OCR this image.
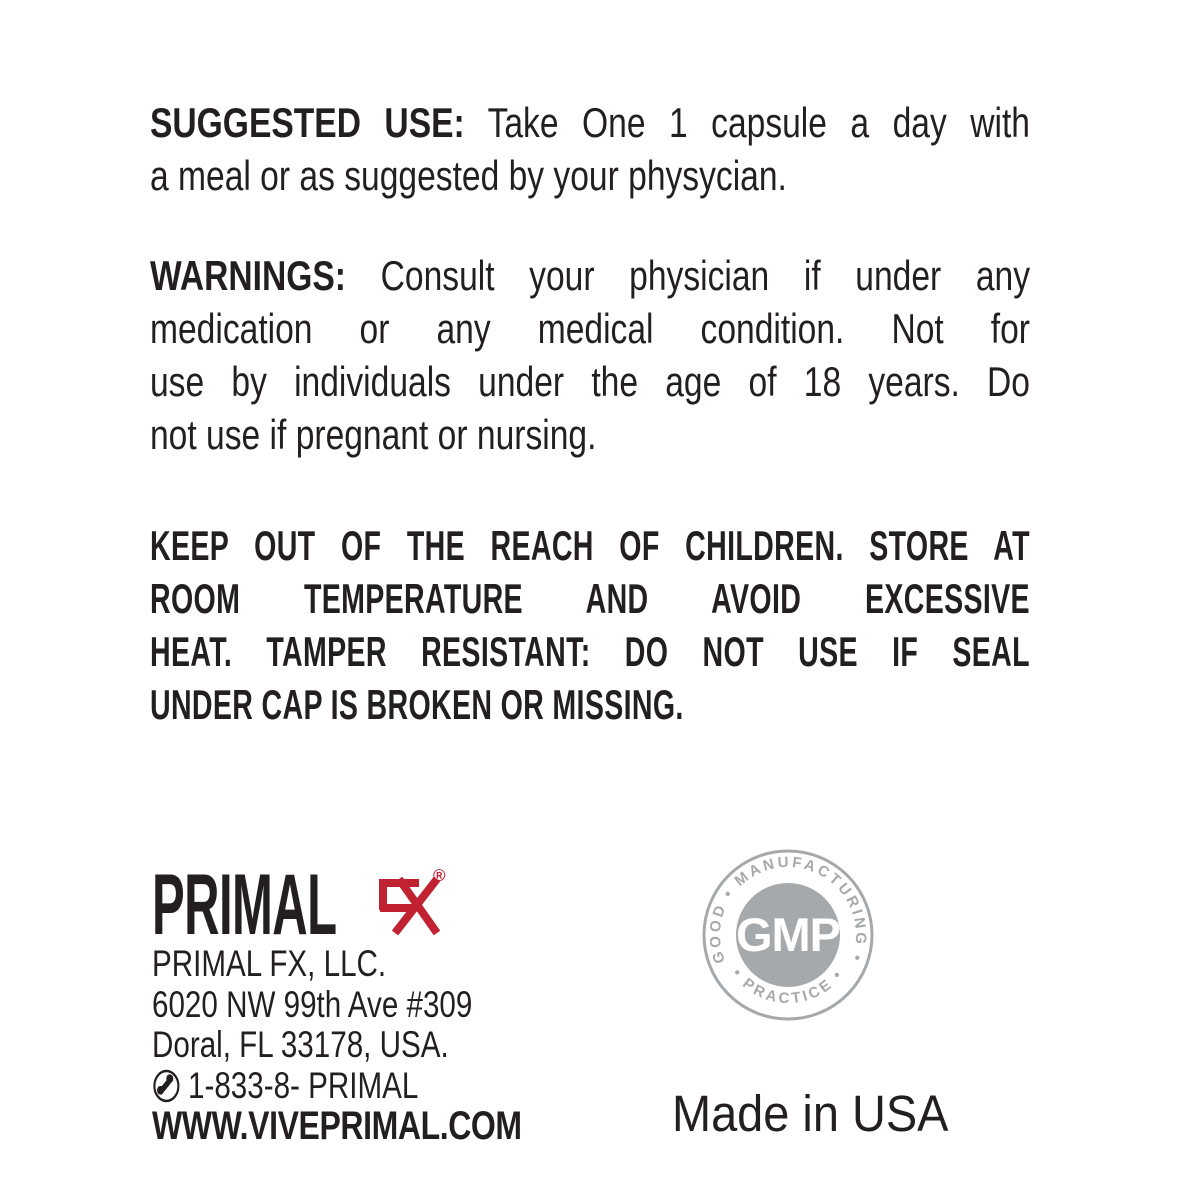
SUGGESTED USE: Take One 1 capsule a day with
a meal or as suggested by your physycian.

WARNINGS: Consult your physician if under any
medication or any medical condition. Not for
use by individuals under the age of 18 years. Do
not use if pregnant or nursing.

KEEP OUT OF THE REACH OF CHILDREN. STORE AT
ROOM TEMPERATURE AND AVOID EXCESSIVE
HEAT. TAMPER RESISTANT: DO NOT USE IF SEAL
UNDER CAP IS BROKEN OR MISSING.

PRIMAL	®
PRIMAL FX, LLC.
6020 NW 99th Ave #309
Doral, FL 33178, USA.
1-833-8- PRIMAL
WWW.VIVEPRIMAL.COM
GOOD • MANUFACTURING •
• PRACTICE •
GMP
Made in USA
